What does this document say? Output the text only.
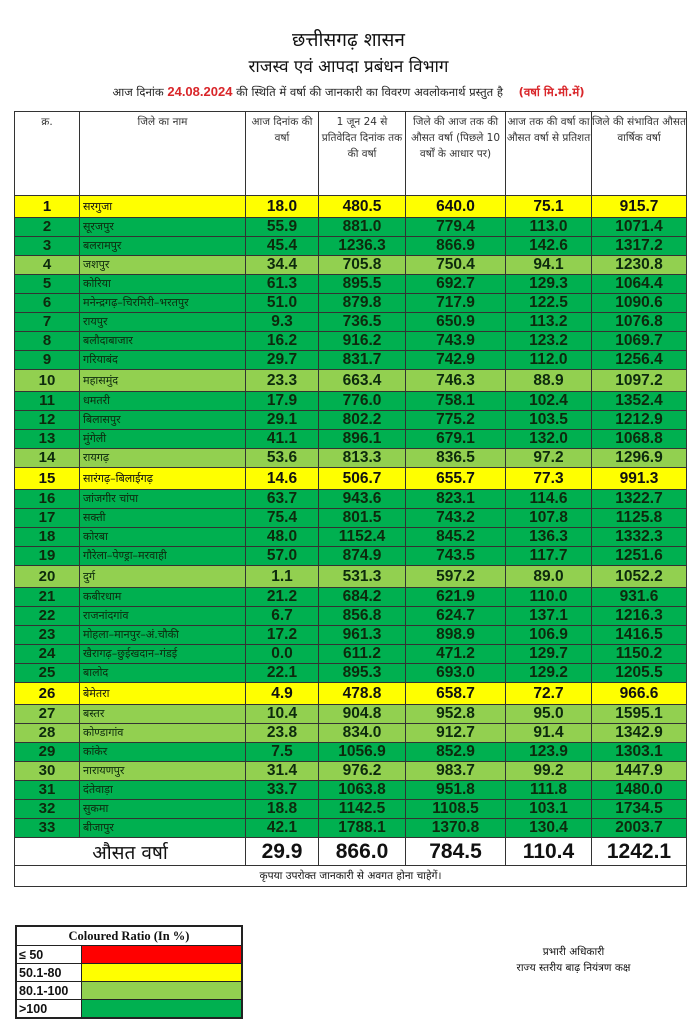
छत्तीसगढ़ शासन
राजस्व एवं आपदा प्रबंधन विभाग
आज दिनांक 24.08.2024 की स्थिति में वर्षा की जानकारी का विवरण अवलोकनार्थ प्रस्तुत है (वर्षा मि.मी.में)
क्र.	जिले का नाम	आज दिनांक की वर्षा	1 जून 24 से प्रतिवेदित दिनांक तक की वर्षा	जिले की आज तक की औसत वर्षा (पिछले 10 वर्षों के आधार पर)	आज तक की वर्षा का औसत वर्षा से प्रतिशत	जिले की संभावित औसत वार्षिक वर्षा
1	सरगुजा	18.0	480.5	640.0	75.1	915.7
2	सूरजपुर	55.9	881.0	779.4	113.0	1071.4
3	बलरामपुर	45.4	1236.3	866.9	142.6	1317.2
4	जशपुर	34.4	705.8	750.4	94.1	1230.8
5	कोरिया	61.3	895.5	692.7	129.3	1064.4
6	मनेन्द्रगढ़–चिरमिरी–भरतपुर	51.0	879.8	717.9	122.5	1090.6
7	रायपुर	9.3	736.5	650.9	113.2	1076.8
8	बलौदाबाजार	16.2	916.2	743.9	123.2	1069.7
9	गरियाबंद	29.7	831.7	742.9	112.0	1256.4
10	महासमुंद	23.3	663.4	746.3	88.9	1097.2
11	धमतरी	17.9	776.0	758.1	102.4	1352.4
12	बिलासपुर	29.1	802.2	775.2	103.5	1212.9
13	मुंगेली	41.1	896.1	679.1	132.0	1068.8
14	रायगढ़	53.6	813.3	836.5	97.2	1296.9
15	सारंगढ़–बिलाईगढ़	14.6	506.7	655.7	77.3	991.3
16	जांजगीर चांपा	63.7	943.6	823.1	114.6	1322.7
17	सक्ती	75.4	801.5	743.2	107.8	1125.8
18	कोरबा	48.0	1152.4	845.2	136.3	1332.3
19	गौरेला–पेण्ड्रा–मरवाही	57.0	874.9	743.5	117.7	1251.6
20	दुर्ग	1.1	531.3	597.2	89.0	1052.2
21	कबीरधाम	21.2	684.2	621.9	110.0	931.6
22	राजनांदगांव	6.7	856.8	624.7	137.1	1216.3
23	मोहला–मानपुर–अं.चौकी	17.2	961.3	898.9	106.9	1416.5
24	खैरागढ़–छुईखदान–गंडई	0.0	611.2	471.2	129.7	1150.2
25	बालोद	22.1	895.3	693.0	129.2	1205.5
26	बेमेतरा	4.9	478.8	658.7	72.7	966.6
27	बस्तर	10.4	904.8	952.8	95.0	1595.1
28	कोण्डागांव	23.8	834.0	912.7	91.4	1342.9
29	कांकेर	7.5	1056.9	852.9	123.9	1303.1
30	नारायणपुर	31.4	976.2	983.7	99.2	1447.9
31	दंतेवाड़ा	33.7	1063.8	951.8	111.8	1480.0
32	सुकमा	18.8	1142.5	1108.5	103.1	1734.5
33	बीजापुर	42.1	1788.1	1370.8	130.4	2003.7
औसत वर्षा		29.9	866.0	784.5	110.4	1242.1
कृपया उपरोक्त जानकारी से अवगत होना चाहेगें।						
Coloured Ratio (In %)	
≤ 50	
50.1-80	
80.1-100	
>100	
प्रभारी अधिकारी
राज्य स्तरीय बाढ़ नियंत्रण कक्ष
